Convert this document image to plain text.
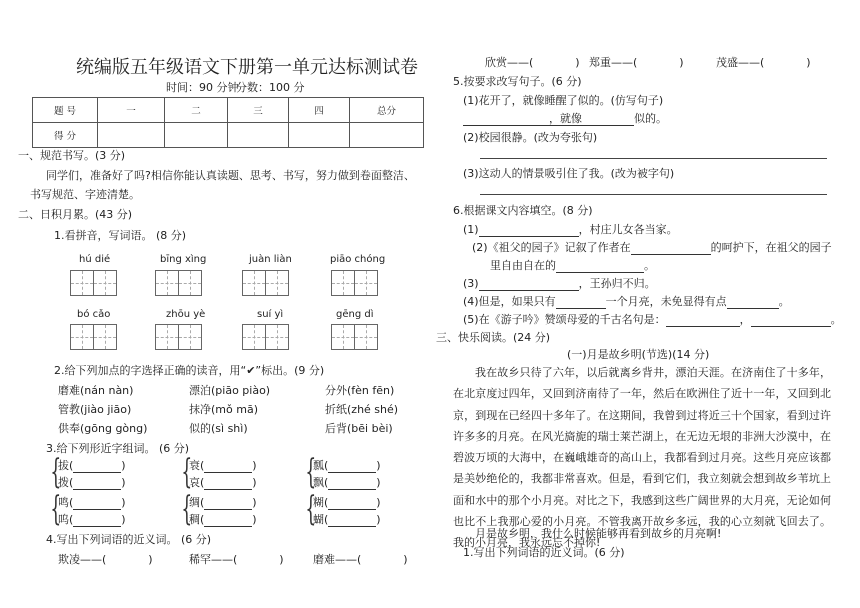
统编版五年级语文下册第一单元达标测试卷
时间：90 分钟
分数：100 分
题 号	一	二	三	四	总分
得 分					
一、规范书写。(3 分)
同学们，准备好了吗?相信你能认真读题、思考、书写，努力做到卷面整洁、
书写规范、字迹清楚。
二、日积月累。(43 分)
1.看拼音，写词语。 (8 分)
hú dié	bīng xìng	juàn liàn	piāo chóng
bó cǎo	zhōu yè	suí yì	gēng dì
2.给下列加点的字选择正确的读音，用“✔”标出。(9 分)
磨难(nán nàn)	漂泊(piāo piào)	分外(fèn fēn)
管教(jiào jiāo)	抹净(mǒ mā)	折纸(zhé shé)
供奉(gōng gòng)	似的(sì shì)	后背(bēi bèi)
3.给下列形近字组词。 (6 分)
{
拔(	)
拨(	) {
衰(	)
哀(	) {
瓢(	)
飘(	)
{
鸣(	)
呜(	) {
绸(	)
稠(	) {
糊(	)
蝴(	)
4.写出下列词语的近义词。 (6 分)
欺凌——(	)	稀罕——(	)	磨难——(	)
欣赏——(	) 郑重——(	)	茂盛——(	)
5.按要求改写句子。(6 分)
(1)花开了，就像睡醒了似的。(仿写句子)
，就像	似的。
(2)校园很静。(改为夸张句)
(3)这动人的情景吸引住了我。(改为被字句)
6.根据课文内容填空。(8 分)
(1)	，村庄儿女各当家。
(2)《祖父的园子》记叙了作者在	的呵护下，在祖父的园子
里自由自在的	。
(3)	，王孙归不归。
(4)但是，如果只有	一个月亮，未免显得有点	。
(5)在《游子吟》赞颂母爱的千古名句是：	，	。
三、快乐阅读。(24 分)
(一)月是故乡明(节选)(14 分)
我在故乡只待了六年，以后就离乡背井，漂泊天涯。在济南住了十多年，在北京度过四年，又回到济南待了一年，然后在欧洲住了近十一年，又回到北京，到现在已经四十多年了。在这期间，我曾到过将近三十个国家，看到过许许多多的月亮。在风光旖旎的瑞士莱芒湖上，在无边无垠的非洲大沙漠中，在碧波万顷的大海中，在巍峨雄奇的高山上，我都看到过月亮。这些月亮应该都是美妙绝伦的，我都非常喜欢。但是，看到它们，我立刻就会想到故乡苇坑上面和水中的那个小月亮。对比之下，我感到这些广阔世界的大月亮，无论如何也比不上我那心爱的小月亮。不管我离开故乡多远，我的心立刻就飞回去了。我的小月亮，我永远忘不掉你!
月是故乡明，我什么时候能够再看到故乡的月亮啊!
1.写出下列词语的近义词。(6 分)
